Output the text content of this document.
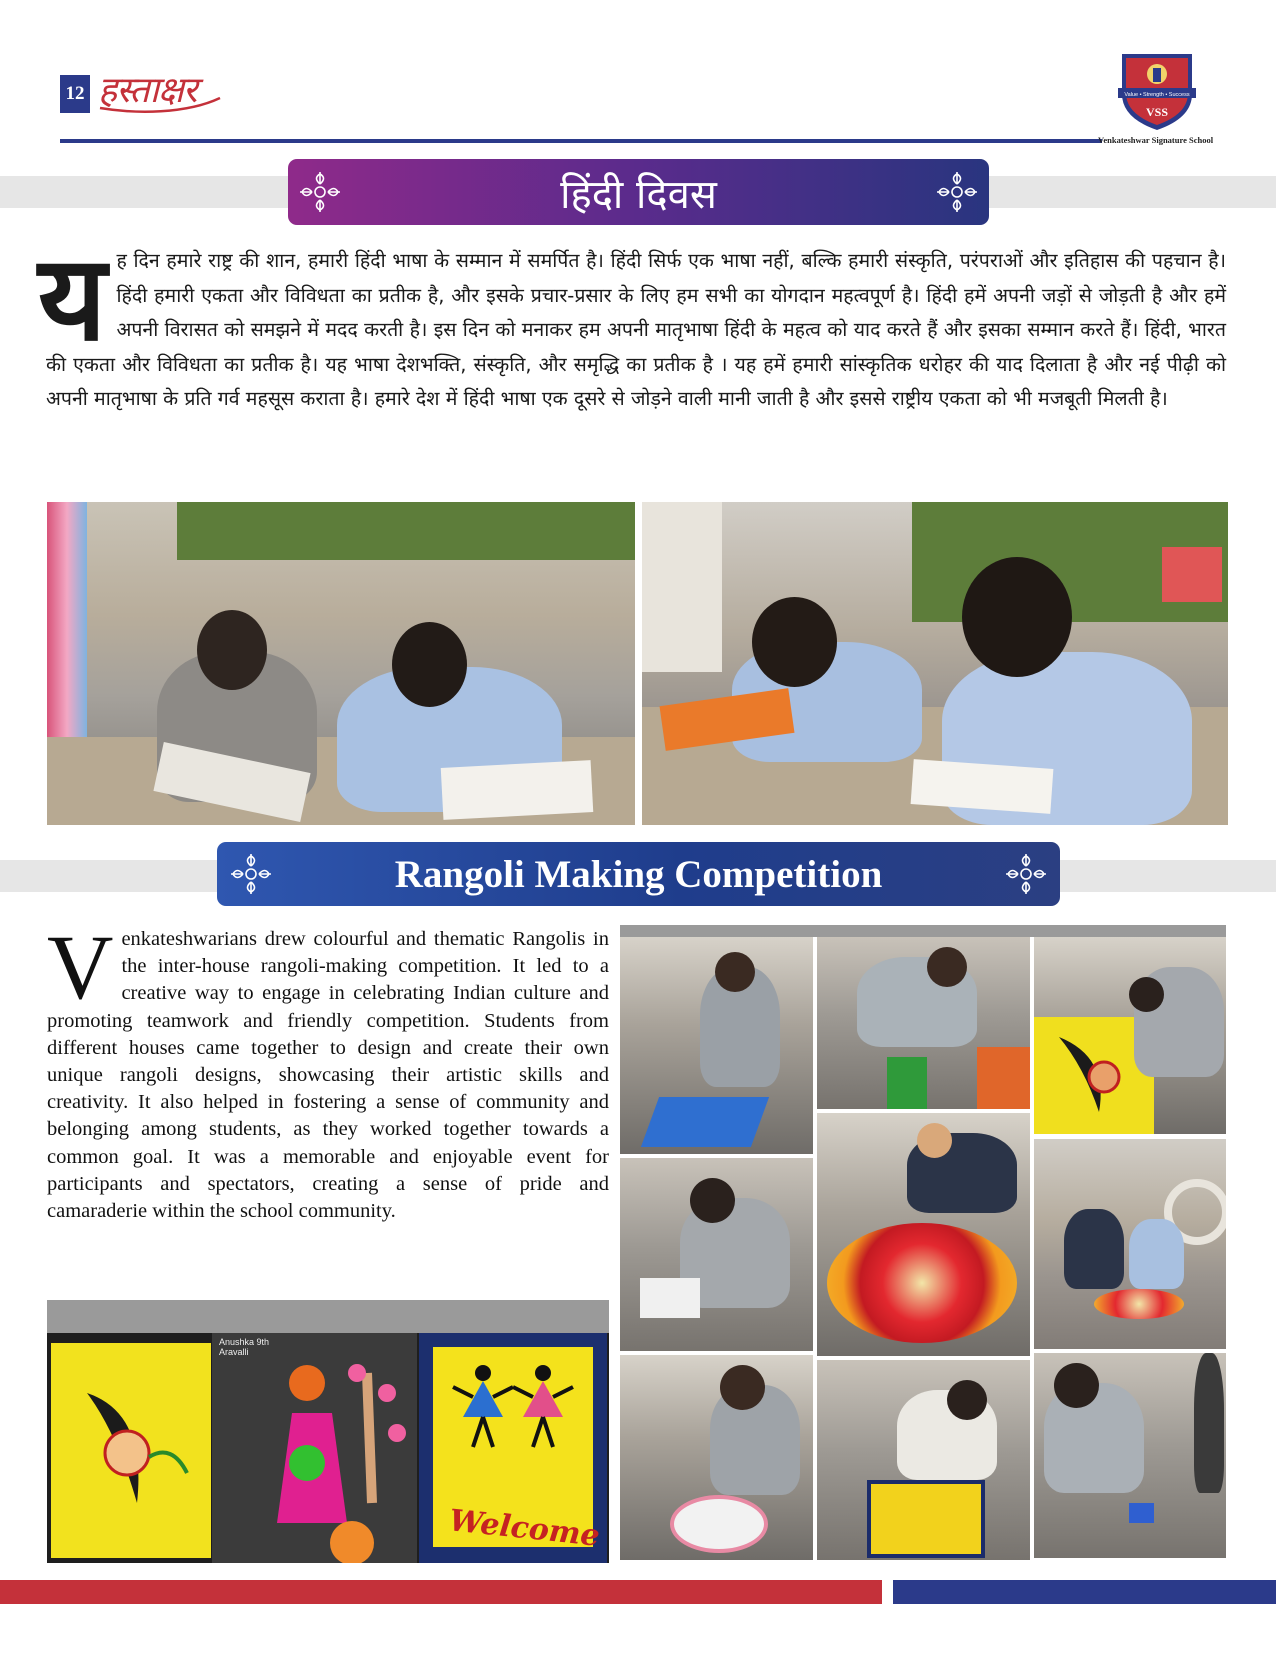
12 हस्ताक्षर	Value • Strength • Success
VSS
Venkateshwar Signature School
हिंदी दिवस
य ह दिन हमारे राष्ट्र की शान, हमारी हिंदी भाषा के सम्मान में समर्पित है। हिंदी सिर्फ एक भाषा नहीं, बल्कि हमारी संस्कृति, परंपराओं और इतिहास की पहचान है। हिंदी हमारी एकता और विविधता का प्रतीक है, और इसके प्रचार-प्रसार के लिए हम सभी का योगदान महत्वपूर्ण है। हिंदी हमें अपनी जड़ों से जोड़ती है और हमें अपनी विरासत को समझने में मदद करती है। इस दिन को मनाकर हम अपनी मातृभाषा हिंदी के महत्व को याद करते हैं और इसका सम्मान करते हैं। हिंदी, भारत की एकता और विविधता का प्रतीक है। यह भाषा देशभक्ति, संस्कृति, और समृद्धि का प्रतीक है । यह हमें हमारी सांस्कृतिक धरोहर की याद दिलाता है और नई पीढ़ी को अपनी मातृभाषा के प्रति गर्व महसूस कराता है। हमारे देश में हिंदी भाषा एक दूसरे से जोड़ने वाली मानी जाती है और इससे राष्ट्रीय एकता को भी मजबूती मिलती है।
Rangoli Making Competition
V enkateshwarians drew colourful and thematic Rangolis in the inter-house rangoli-making competition. It led to a creative way to engage in celebrating Indian culture and promoting teamwork and friendly competition. Students from different houses came together to design and create their own unique rangoli designs, showcasing their artistic skills and creativity. It also helped in fostering a sense of community and belonging among students, as they worked together towards a common goal. It was a memorable and enjoyable event for participants and spectators, creating a sense of pride and camaraderie within the school community.
Anushka 9th Aravalli
Welcome
